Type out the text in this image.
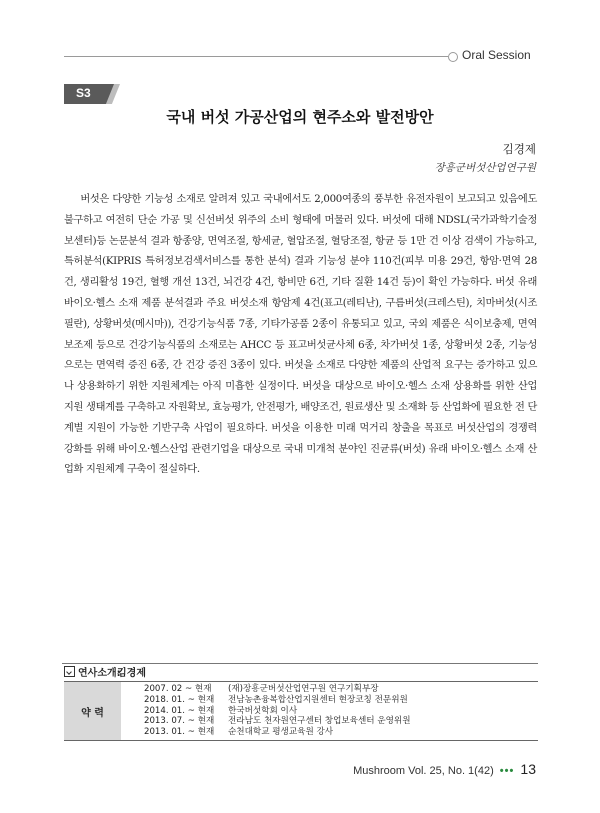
Oral Session
S3
국내 버섯 가공산업의 현주소와 발전방안
김경제
장흥군버섯산업연구원

버섯은 다양한 기능성 소재로 알려져 있고 국내에서도 2,000여종의 풍부한 유전자원이 보고되고 있음에도 불구하고 여전히 단순 가공 및 신선버섯 위주의 소비 형태에 머물러 있다. 버섯에 대해 NDSL(국가과학기술정보센터)등 논문분석 결과 항종양, 면역조절, 항세균, 혈압조절, 혈당조절, 항균 등 1만 건 이상 검색이 가능하고, 특허분석(KIPRIS 특허정보검색서비스를 통한 분석) 결과 기능성 분야 110건(피부 미용 29건, 항암·면역 28건, 생리활성 19건, 혈행 개선 13건, 뇌건강 4건, 항비만 6건, 기타 질환 14건 등)이 확인 가능하다. 버섯 유래 바이오·헬스 소재 제품 분석결과 주요 버섯소재 항암제 4건(표고(레티난), 구름버섯(크레스틴), 치마버섯(시조필란), 상황버섯(메시마)), 건강기능식품 7종, 기타가공품 2종이 유통되고 있고, 국외 제품은 식이보충제, 면역보조제 등으로 건강기능식품의 소재로는 AHCC 등 표고버섯균사체 6종, 차가버섯 1종, 상황버섯 2종, 기능성으로는 면역력 증진 6종, 간 건강 증진 3종이 있다. 버섯을 소재로 다양한 제품의 산업적 요구는 증가하고 있으나 상용화하기 위한 지원체계는 아직 미흡한 실정이다. 버섯을 대상으로 바이오·헬스 소재 상용화를 위한 산업지원 생태계를 구축하고 자원확보, 효능평가, 안전평가, 배양조건, 원료생산 및 소재화 등 산업화에 필요한 전 단계별 지원이 가능한 기반구축 사업이 필요하다. 버섯을 이용한 미래 먹거리 창출을 목표로 버섯산업의 경쟁력 강화를 위해 바이오·헬스산업 관련기업을 대상으로 국내 미개척 분야인 진균류(버섯) 유래 바이오·헬스 소재 산업화 지원체계 구축이 절실하다.

연사소개:
김경제
약 력
2007. 02 ~ 현재 (재)장흥군버섯산업연구원 연구기획부장
2018. 01. ~ 현재 전남농촌융복합산업지원센터 현장코칭 전문위원
2014. 01. ~ 현재 한국버섯학회 이사
2013. 07. ~ 현재 전라남도 천자원연구센터 창업보육센터 운영위원
2013. 01. ~ 현재 순천대학교 평생교육원 강사
Mushroom Vol. 25, No. 1(42) ••• 13
